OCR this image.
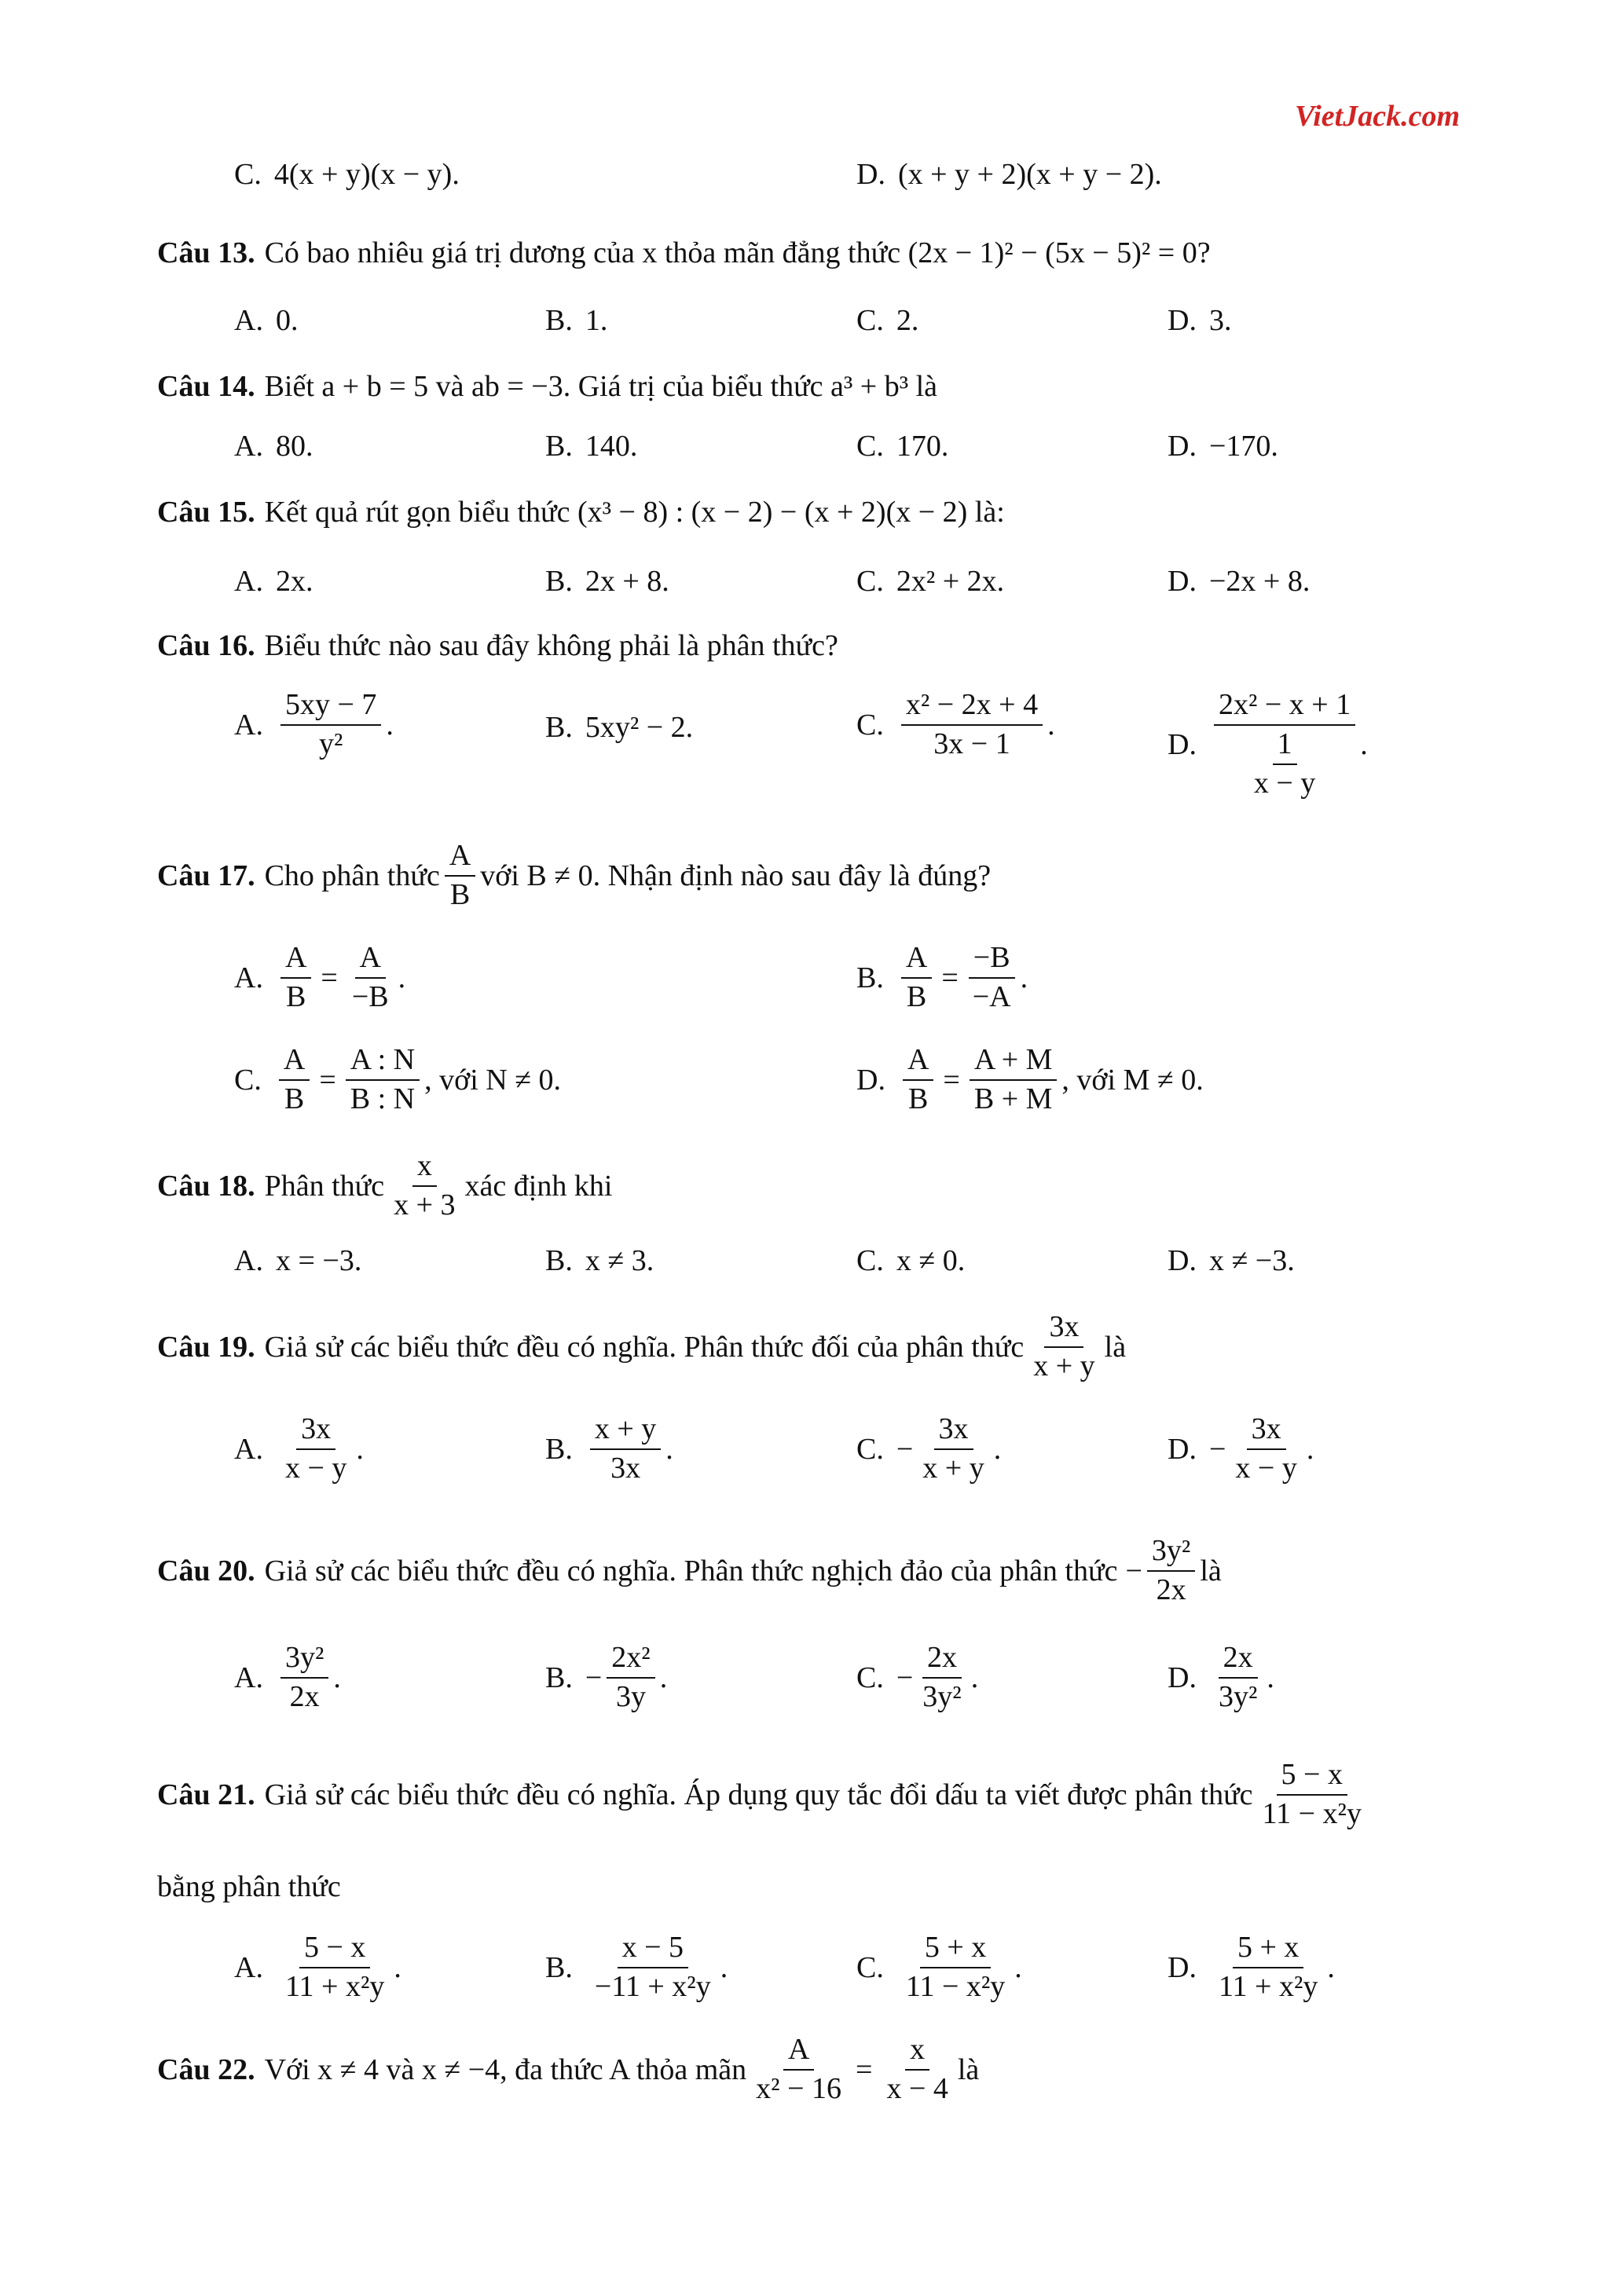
VietJack.com
C. 4(x + y)(x − y).	D. (x + y + 2)(x + y − 2).
Câu 13. Có bao nhiêu giá trị dương của x thỏa mãn đẳng thức (2x − 1)² − (5x − 5)² = 0?
A. 0.	B. 1.	C. 2.	D. 3.
Câu 14. Biết a + b = 5 và ab = −3. Giá trị của biểu thức a³ + b³ là
A. 80.	B. 140.	C. 170.	D. −170.
Câu 15. Kết quả rút gọn biểu thức (x³ − 8) : (x − 2) − (x + 2)(x − 2) là:
A. 2x.	B. 2x + 8.	C. 2x² + 2x.	D. −2x + 8.
Câu 16. Biểu thức nào sau đây không phải là phân thức?
A. $\frac{5xy - 7}{\text{y²}}$ .	B. 5xy² − 2.	C. $\frac{\text{x² − 2x + 4}}{3x - 1}$ .
D. $\frac{\text{2x² − x + 1}}{\frac{1}{x - y}}$ .
Câu 17. Cho phân thức $\frac{A}{B}$ với B ≠ 0. Nhận định nào sau đây là đúng?
A. $\frac{A}{B} = \frac{A}{-B}$ .	B. $\frac{A}{B} = \frac{-B}{-A}$ .
C. $\frac{A}{B} = \frac{A : N}{B : N}$ , với N ≠ 0.	D. $\frac{A}{B} = \frac{A + M}{B + M}$ , với M ≠ 0.
Câu 18. Phân thức $\frac{x}{x + 3}$ xác định khi
A. x = −3.	B. x ≠ 3.	C. x ≠ 0.	D. x ≠ −3.
Câu 19. Giả sử các biểu thức đều có nghĩa. Phân thức đối của phân thức $\frac{3x}{x + y}$ là
A. $\frac{3x}{x - y}$ .	B. $\frac{x + y}{3x}$ .	C. − $\frac{3x}{x + y}$ .	D. − $\frac{3x}{x - y}$ .
Câu 20. Giả sử các biểu thức đều có nghĩa. Phân thức nghịch đảo của phân thức − $\frac{\text{3y²}}{2x}$ là
A. $\frac{\text{3y²}}{2x}$ .	B. − $\frac{\text{2x²}}{3y}$ .	C. − $\frac{2x}{\text{3y²}}$ .	D. $\frac{2x}{\text{3y²}}$ .
Câu 21. Giả sử các biểu thức đều có nghĩa. Áp dụng quy tắc đổi dấu ta viết được phân thức $\frac{5 - x}{\text{11 − x²y}}$
bằng phân thức
A. $\frac{5 - x}{\text{11 + x²y}}$ .	B. $\frac{x - 5}{\text{−11 + x²y}}$ .	C. $\frac{5 + x}{\text{11 − x²y}}$ .	D. $\frac{5 + x}{\text{11 + x²y}}$ .
Câu 22. Với x ≠ 4 và x ≠ −4, đa thức A thỏa mãn $\frac{A}{\text{x² − 16}} = \frac{x}{x - 4}$ là
